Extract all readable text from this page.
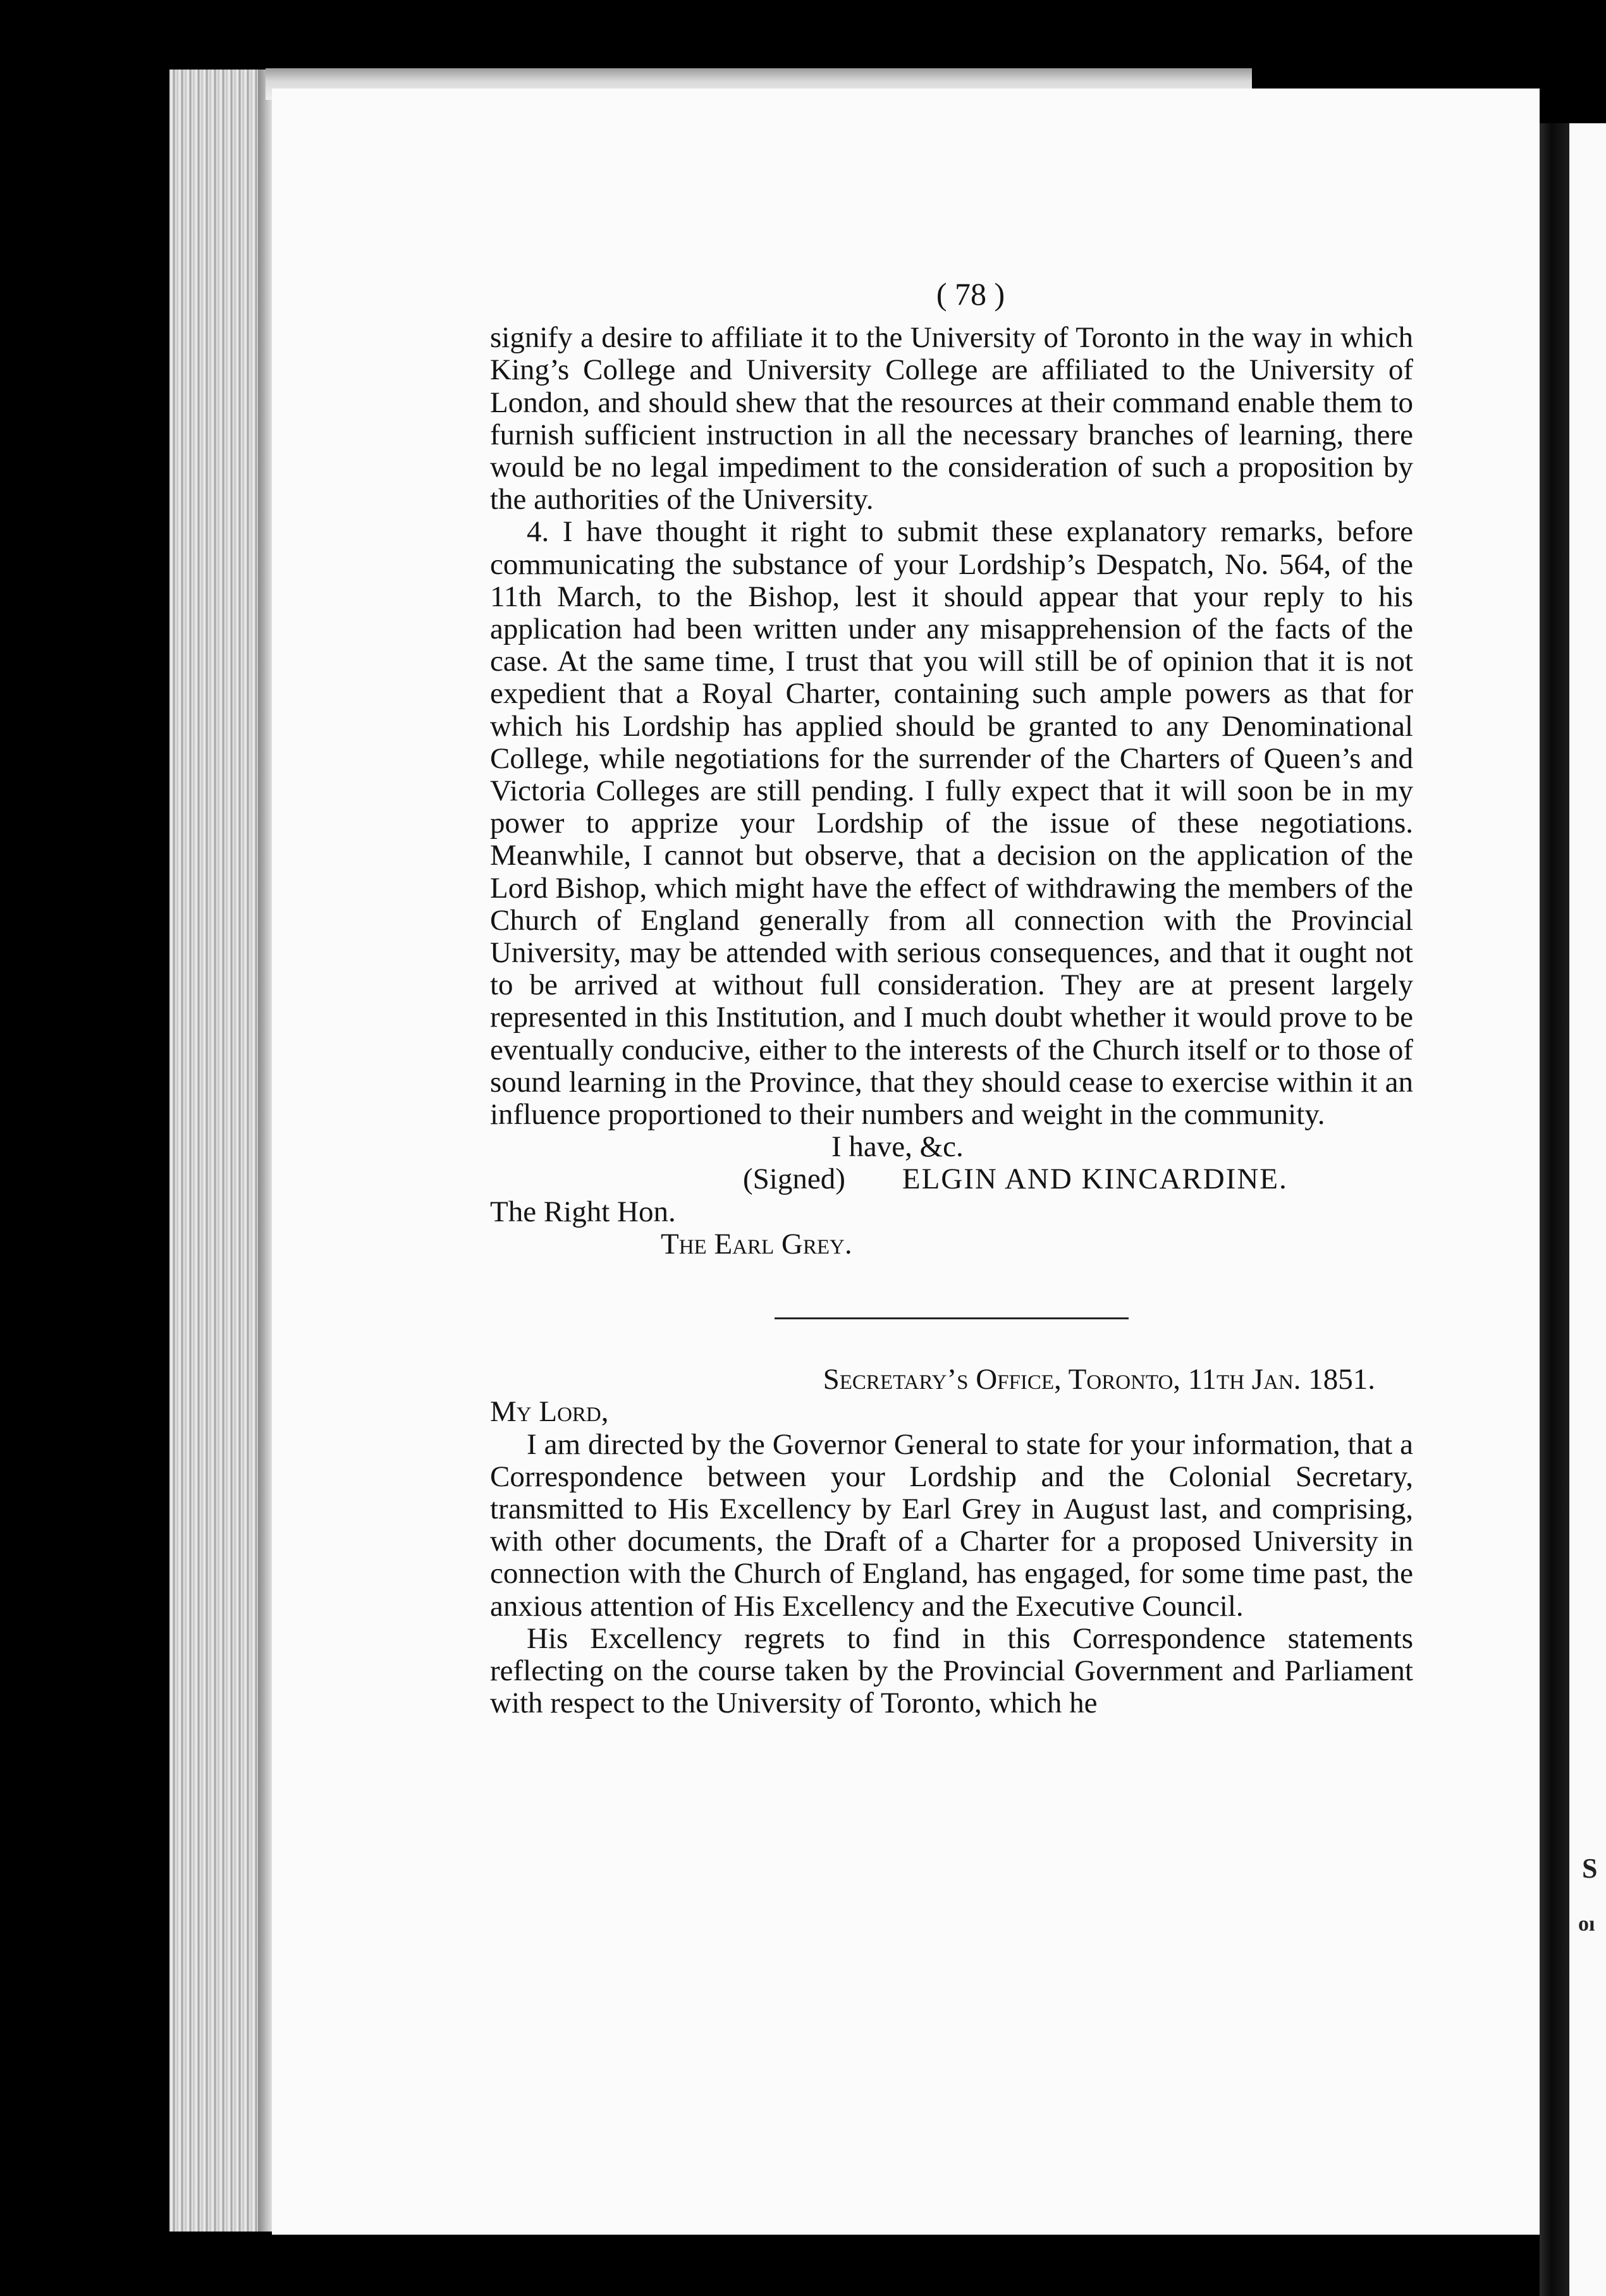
S
oı
( 78 )

signify a desire to affiliate it to the University of Toronto in the way in which King’s College and University College are affiliated to the University of London, and should shew that the resources at their command enable them to furnish sufficient instruction in all the necessary branches of learning, there would be no legal impediment to the consideration of such a proposition by the authorities of the University.

4. I have thought it right to submit these explanatory remarks, before communicating the substance of your Lordship’s Despatch, No. 564, of the 11th March, to the Bishop, lest it should appear that your reply to his application had been written under any misapprehension of the facts of the case. At the same time, I trust that you will still be of opinion that it is not expedient that a Royal Charter, containing such ample powers as that for which his Lordship has applied should be granted to any Denominational College, while negotiations for the surrender of the Charters of Queen’s and Victoria Colleges are still pending. I fully expect that it will soon be in my power to apprize your Lordship of the issue of these negotiations. Meanwhile, I cannot but observe, that a decision on the application of the Lord Bishop, which might have the effect of withdrawing the members of the Church of England generally from all connection with the Provincial University, may be attended with serious consequences, and that it ought not to be arrived at without full consideration. They are at present largely represented in this Institution, and I much doubt whether it would prove to be eventually conducive, either to the interests of the Church itself or to those of sound learning in the Province, that they should cease to exercise within it an influence proportioned to their numbers and weight in the community.

I have, &c.
(Signed) ELGIN AND KINCARDINE.
The Right Hon.
The Earl Grey.
Secretary’s Office, Toronto, 11th Jan. 1851.
My Lord,

I am directed by the Governor General to state for your information, that a Correspondence between your Lordship and the Colonial Secretary, transmitted to His Excellency by Earl Grey in August last, and comprising, with other documents, the Draft of a Charter for a proposed University in connection with the Church of England, has engaged, for some time past, the anxious attention of His Excellency and the Executive Council.

His Excellency regrets to find in this Correspondence statements reflecting on the course taken by the Provincial Government and Parliament with respect to the University of Toronto, which he
